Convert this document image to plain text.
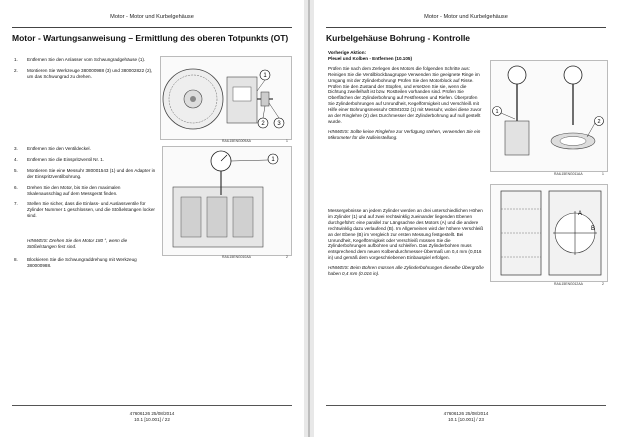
Motor - Motor und Kurbelgehäuse
Motor - Wartungsanweisung – Ermittlung des oberen Totpunkts (OT)
1. Entfernen Sie den Anlasser vom Schwungradgehäuse (1).
2. Montieren Sie Werkzeuge 380000988 (3) und 380002822 (2), um das Schwungrad zu drehen.	1
2 3
RAIL15ENG009AA	1
3. Entfernen Sie den Ventildeckel.
4. Entfernen Sie die Einspritzventil Nr. 1.
5. Montieren Sie eine Messuhr 380001543 (1) und den Adapter in der Einspritzventilbohrung.
6. Drehen Sie den Motor, bis Sie den maximalen Skalenausschlag auf dem Messgerät finden.
7. Stellen Sie sicher, dass die Einlass- und Auslassventile für Zylinder Nummer 1 geschlossen, und die Stößelstangen locker sind.
HINWEIS: Drehen Sie den Motor 180 °, wenn die Stößelstangen fest sind.
8. Blockieren Sie die Schwungraddrehung mit Werkzeug 380000988.
1
RAIL15ENG010AA	2
47606126 25/08/2014
10.1 [10.001] / 22
Motor - Motor und Kurbelgehäuse
Kurbelgehäuse Bohrung - Kontrolle

Vorherige Aktion:
Pleuel und Kolben - Entfernen (10.105)

Prüfen Sie nach dem Zerlegen des Motors die folgenden Schritte aus: Reinigen Sie die Ventilblockbaugruppe Verwenden Sie geeignete Ringe im Umgang mit der Zylinderbohrung! Prüfen Sie den Motorblock auf Risse. Prüfen Sie den Zustand der Stopfen, und ersetzen Sie sie, wenn die Dichtung zweifelhaft ist bzw. Rostteilen vorhanden sind. Prüfen Sie Oberflächen der Zylinderbohrung auf Festfressen und Riefen. Überprüfen Sie Zylinderbohrungen auf Unrundheit, Kegelförmigkeit und Verschleiß mit Hilfe einer Bohrungsmessuhr OEM1032 (1) mit Messuhr, wobei diese zuvor an der Ringlehre (2) des Durchmesser der Zylinderbohrung auf null gestellt wurde.

HINWEIS: Sollte keine Ringlehre zur Verfügung stehen, verwenden Sie ein Mikrometer für die Nulleinstellung.

Messergebnisse an jedem Zylinder werden an drei unterschiedlichen Höhen im Zylinder (1) und auf zwei rechtwinklig zueinander liegenden Ebenen durchgeführt: eine parallel zur Längsachse des Motors (A) und die andere rechtwinklig dazu verlaufend (B). Im Allgemeinen wird der höhere Verschleiß an der Ebene (B) im Vergleich zur ersten Messung festgestellt. Bei Unrundheit, Kegelförmigkeit oder Verschleiß müssen Sie die Zylinderbohrungen aufbohren und schleifen. Das Zylinderbohren muss entsprechend dem neuen Kolbendurchmesser-Übermaß um 0,4 mm (0,016 in) und gemäß dem vorgeschriebenen Einbauspiel erfolgen.

HINWEIS: Beim Bohren müssen alle Zylinderbohrungen dieselbe Übergröße haben 0,4 mm (0.016 in).

1
2
RAIL15ENG011AA	1
A
B
RAIL15ENG012AA	2
47606126 25/08/2014
10.1 [10.001] / 23
